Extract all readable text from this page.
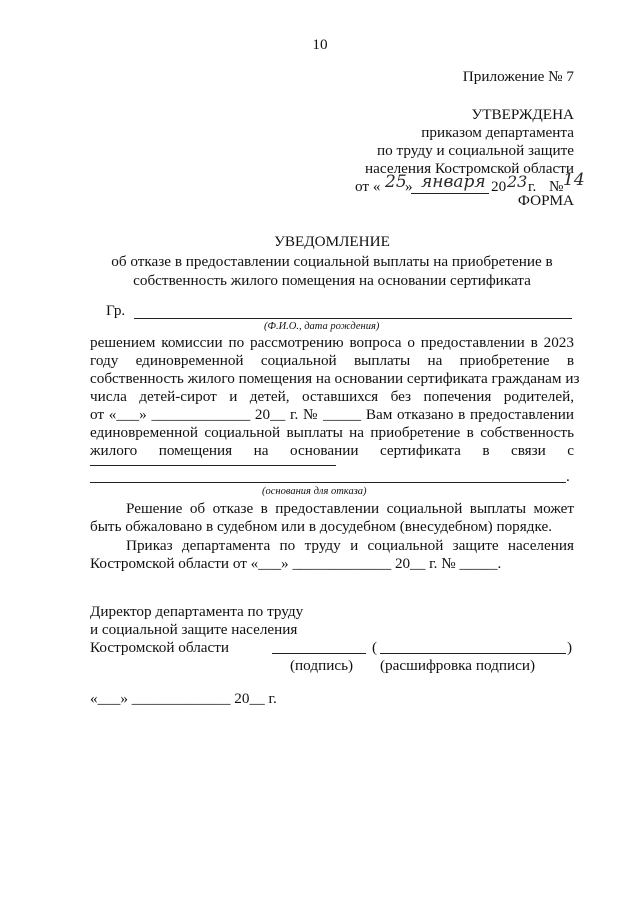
10
Приложение № 7
УТВЕРЖДЕНА
приказом департамента
по труду и социальной защите
населения Костромской области
от « 25
» января 20 23 г. № 14
ФОРМА
УВЕДОМЛЕНИЕ
об отказе в предоставлении социальной выплаты на приобретение в
собственность жилого помещения на основании сертификата
Гр.
(Ф.И.О., дата рождения)
решением комиссии по рассмотрению вопроса о предоставлении в 2023
году единовременной социальной выплаты на приобретение в
собственность жилого помещения на основании сертификата гражданам из
числа детей-сирот и детей, оставшихся без попечения родителей,
от «___» _____________ 20__ г. № _____ Вам отказано в предоставлении
единовременной социальной выплаты на приобретение в собственность
жилого помещения на основании сертификата в связи с
.
(основания для отказа)
Решение об отказе в предоставлении социальной выплаты может
быть обжаловано в судебном или в досудебном (внесудебном) порядке.
Приказ департамента по труду и социальной защите населения
Костромской области от «___» _____________ 20__ г. № _____.
Директор департамента по труду
и социальной защите населения
Костромской области	(	)
(подпись) (расшифровка подписи)
«___» _____________ 20__ г.
